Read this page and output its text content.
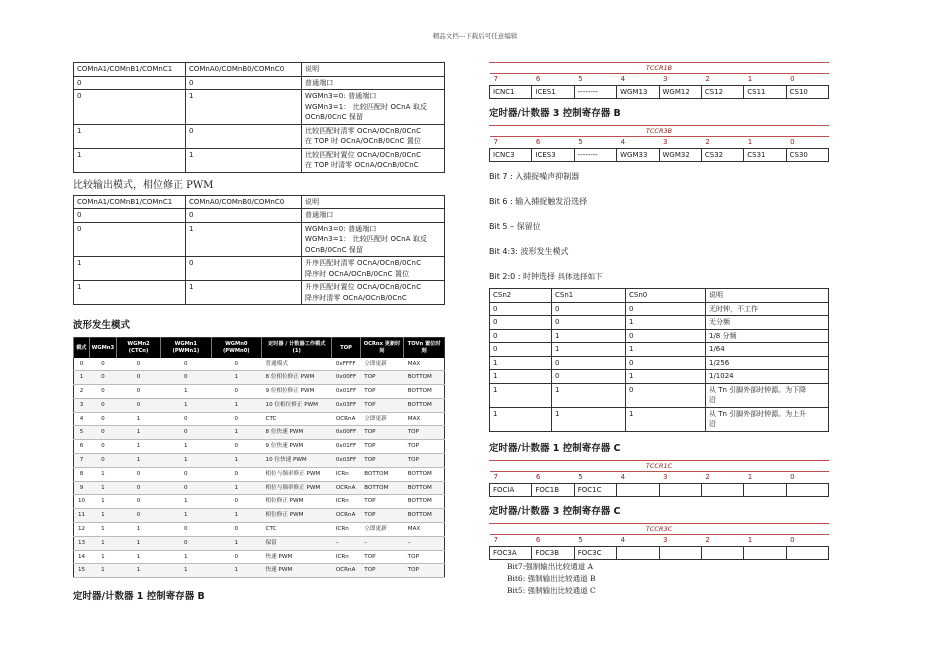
精品文档---下载后可任意编辑
COMnA1/COMnB1/COMnC1	COMnA0/COMnB0/COMnC0	说明
0	0	普通端口

0	1	WGMn3=0: 普通端口
WGMn3=1： 比较匹配时 OCnA 取反
OCnB/0CnC 保留

1	0	比较匹配时清零 OCnA/OCnB/0CnC
在 TOP 时 OCnA/OCnB/0CnC 置位

1	1	比较匹配时置位 OCnA/OCnB/0CnC
在 TOP 时清零 OCnA/OCnB/0CnC
比较输出模式，相位修正 PWM
COMnA1/COMnB1/COMnC1	COMnA0/COMnB0/COMnC0	说明
0	0	普通端口

0	1	WGMn3=0: 普通端口
WGMn3=1： 比较匹配时 OCnA 取反
OCnB/0CnC 保留

1	0	升序匹配时清零 OCnA/OCnB/0CnC
降序时 OCnA/OCnB/0CnC 置位

1	1	升序匹配时置位 OCnA/OCnB/0CnC
降序时清零 OCnA/OCnB/0CnC
波形发生模式
模式	WGMn3	WGMn2 (CTCn)	WGMn1 (PWMn1)	WGMn0 (PWMn0)	定时器 / 计数器工作模式 (1)	TOP	OCRnx 更新时间	TOVn 置位时刻
0	0	0	0	0	普通模式	0xFFFF	立即更新	MAX
1	0	0	0	1	8 位相位修正 PWM	0x00FF	TOP	BOTTOM
2	0	0	1	0	9 位相位修正 PWM	0x01FF	TOP	BOTTOM
3	0	0	1	1	10 位相位修正 PWM	0x03FF	TOP	BOTTOM
4	0	1	0	0	CTC	OCRnA	立即更新	MAX
5	0	1	0	1	8 位快速 PWM	0x00FF	TOP	TOP
6	0	1	1	0	9 位快速 PWM	0x01FF	TOP	TOP
7	0	1	1	1	10 位快速 PWM	0x03FF	TOP	TOP
8	1	0	0	0	相位与频率修正 PWM	ICRn	BOTTOM	BOTTOM
9	1	0	0	1	相位与频率修正 PWM	OCRnA	BOTTOM	BOTTOM
10	1	0	1	0	相位修正 PWM	ICRn	TOP	BOTTOM
11	1	0	1	1	相位修正 PWM	OCRnA	TOP	BOTTOM
12	1	1	0	0	CTC	ICRn	立即更新	MAX
13	1	1	0	1	保留	–	–	–
14	1	1	1	0	快速 PWM	ICRn	TOP	TOP
15	1	1	1	1	快速 PWM	OCRnA	TOP	TOP
定时器/计数器 1 控制寄存器 B
TCCR1B
7	6	5	4	3	2	1	0
ICNC1	ICES1	--------	WGM13	WGM12	CS12	CS11	CS10
定时器/计数器 3 控制寄存器 B
TCCR3B
7	6	5	4	3	2	1	0
ICNC3	ICES3	--------	WGM33	WGM32	CS32	CS31	CS30
Bit 7 : 入捕捉噪声抑制器
Bit 6 : 输入捕捉触发沿选择
Bit 5 – 保留位
Bit 4:3: 波形发生模式
Bit 2:0 : 时钟选择 具体选择如下
CSn2	CSn1	CSn0	说明
0	0	0	无时钟，不工作

0	0	1	无分频

0	1	0	1/8 分频

0	1	1	1/64

1	0	0	1/256

1	0	1	1/1024

1	1	0	从 Tn 引脚外部时钟源。为下降
沿

1	1	1	从 Tn 引脚外部时钟源。为上升
沿
定时器/计数器 1 控制寄存器 C
TCCR1C
7	6	5	4	3	2	1	0
FOCIA	FOC1B	FOC1C					
定时器/计数器 3 控制寄存器 C
TCCR3C
7	6	5	4	3	2	1	0
FOC3A	FOC3B	FOC3C					
Bit7:强制输出比较通道 A
Bit6: 强制输出比较通道 B
Bit5: 强制输出比较通道 C
